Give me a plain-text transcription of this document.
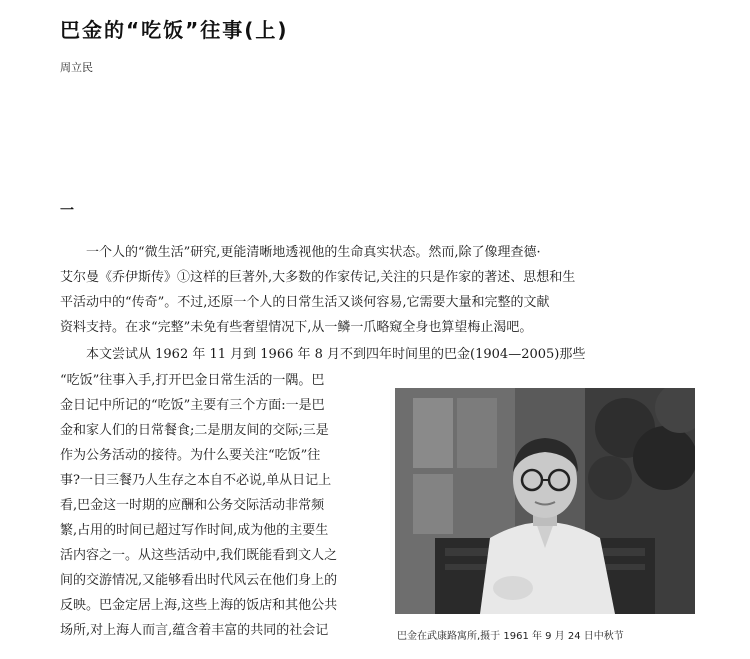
巴金的“吃饭”往事(上)
周立民
一

一个人的“微生活”研究,更能清晰地透视他的生命真实状态。然而,除了像理查德·

艾尔曼《乔伊斯传》①这样的巨著外,大多数的作家传记,关注的只是作家的著述、思想和生

平活动中的“传奇”。不过,还原一个人的日常生活又谈何容易,它需要大量和完整的文献

资料支持。在求“完整”未免有些奢望情况下,从一鳞一爪略窥全身也算望梅止渴吧。

本文尝试从 1962 年 11 月到 1966 年 8 月不到四年时间里的巴金(1904—2005)那些

“吃饭”往事入手,打开巴金日常生活的一隅。巴

金日记中所记的“吃饭”主要有三个方面:一是巴

金和家人们的日常餐食;二是朋友间的交际;三是

作为公务活动的接待。为什么要关注“吃饭”往

事?一日三餐乃人生存之本自不必说,单从日记上

看,巴金这一时期的应酬和公务交际活动非常频

繁,占用的时间已超过写作时间,成为他的主要生

活内容之一。从这些活动中,我们既能看到文人之

间的交游情况,又能够看出时代风云在他们身上的

反映。巴金定居上海,这些上海的饭店和其他公共

场所,对上海人而言,蕴含着丰富的共同的社会记	巴金在武康路寓所,摄于 1961 年 9 月 24 日中秋节
